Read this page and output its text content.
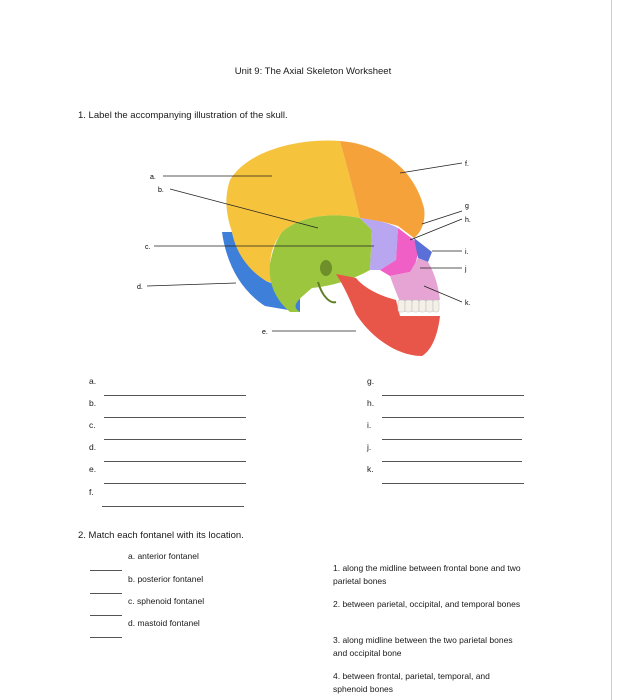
Unit 9: The Axial Skeleton Worksheet
1. Label the accompanying illustration of the skull.
a.
b.
c.
d.
e.
f.
g
h.
i.
j
k.
a.
b.
c.
d.
e.
f.
g.
h.
i.
j.
k.
2. Match each fontanel with its location.
a. anterior fontanel
b. posterior fontanel
c. sphenoid fontanel
d. mastoid fontanel
1. along the midline between frontal bone and two parietal bones
2. between parietal, occipital, and temporal bones
3. along midline between the two parietal bones and occipital bone
4. between frontal, parietal, temporal, and sphenoid bones
